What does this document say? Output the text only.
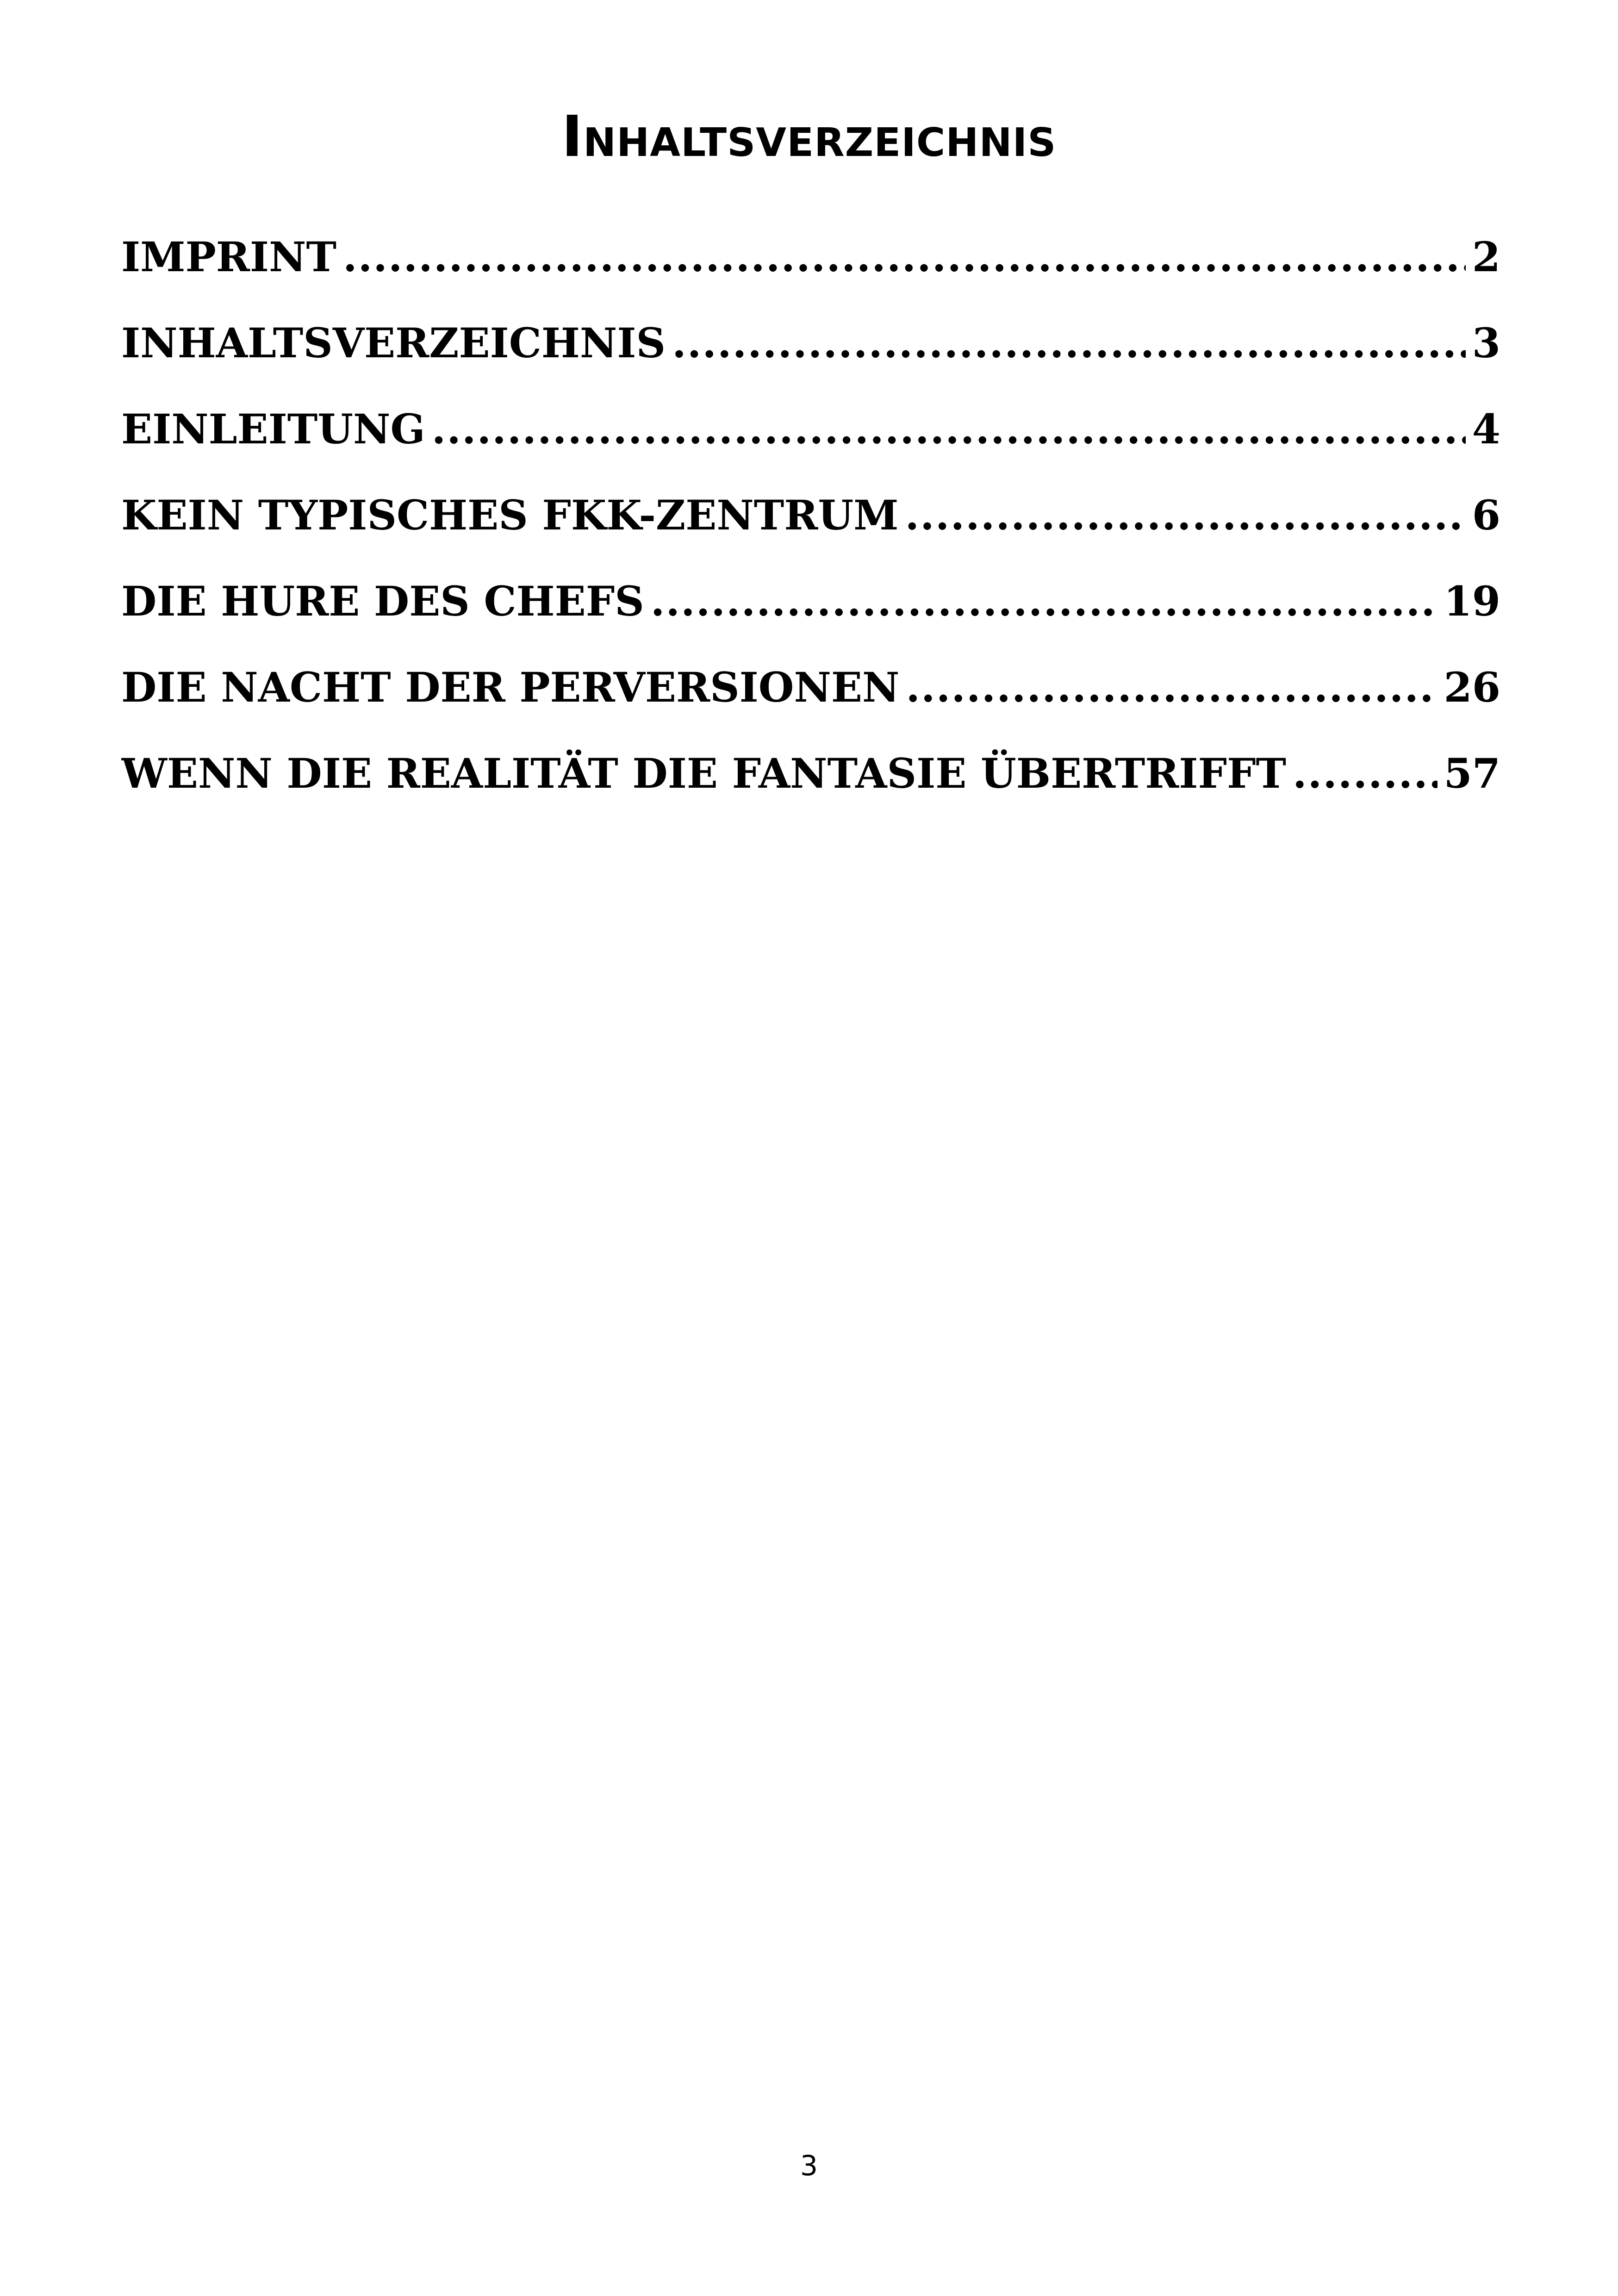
Inhaltsverzeichnis
IMPRINT .....	2
INHALTSVERZEICHNIS .....	3
EINLEITUNG .....	4
KEIN TYPISCHES FKK-ZENTRUM .....	6
DIE HURE DES CHEFS .....	19
DIE NACHT DER PERVERSIONEN .....	26
WENN DIE REALITÄT DIE FANTASIE ÜBERTRIFFT .....	57
3
